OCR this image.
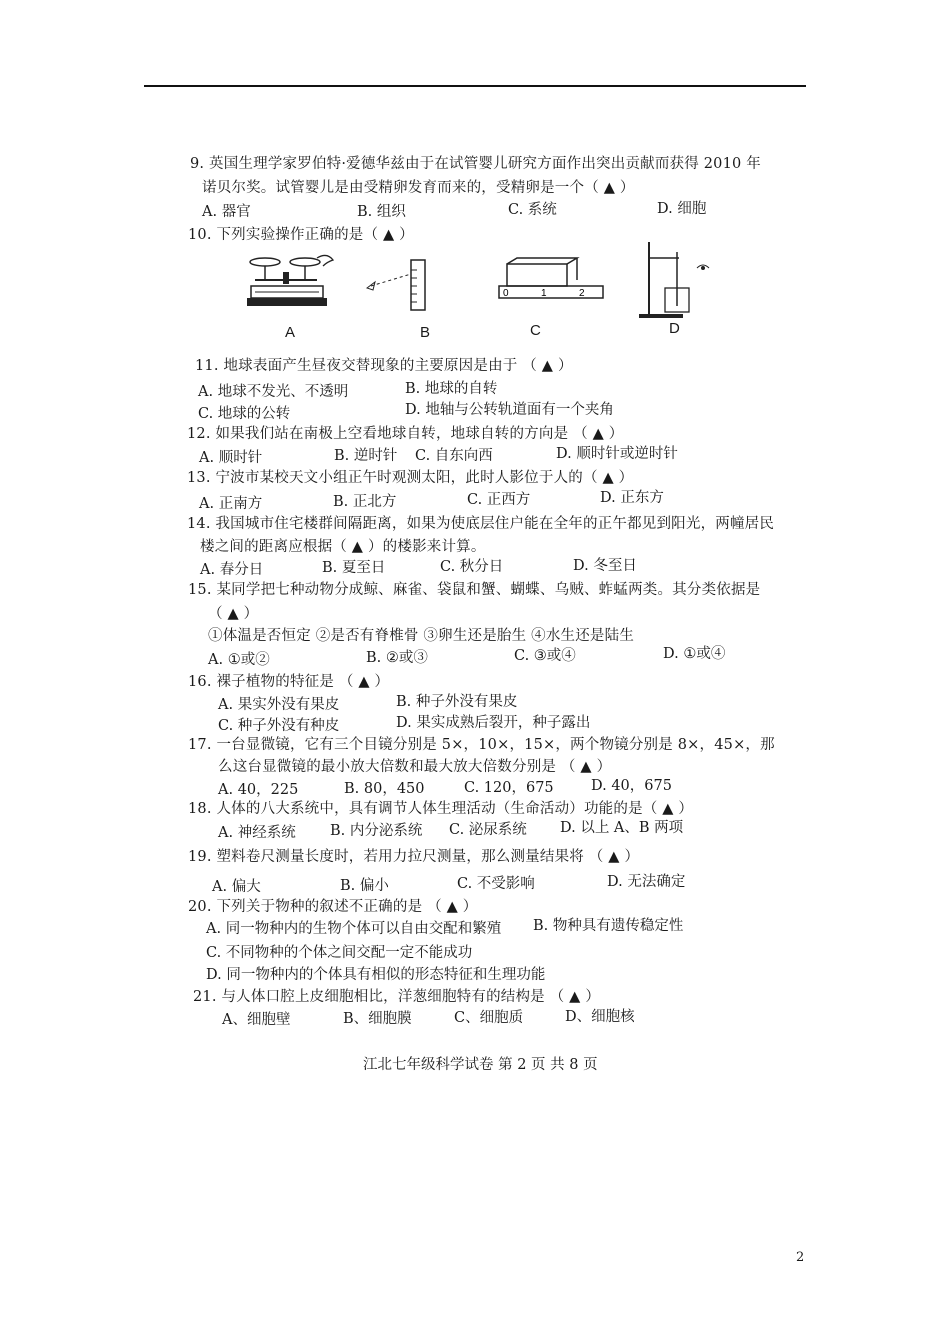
9. 英国生理学家罗伯特·爱德华兹由于在试管婴儿研究方面作出突出贡献而获得 2010 年
诺贝尔奖。试管婴儿是由受精卵发育而来的，受精卵是一个（ ▲ ）
A. 器官	B. 组织	C. 系统	D. 细胞
10. 下列实验操作正确的是（ ▲ ）
0	1	2
A	B	C	D
11. 地球表面产生昼夜交替现象的主要原因是由于 （ ▲ ）
A. 地球不发光、不透明	B. 地球的自转
C. 地球的公转	D. 地轴与公转轨道面有一个夹角
12. 如果我们站在南极上空看地球自转，地球自转的方向是 （ ▲ ）
A. 顺时针	B. 逆时针 C. 自东向西	D. 顺时针或逆时针
13. 宁波市某校天文小组正午时观测太阳，此时人影位于人的（ ▲ ）
A. 正南方	B. 正北方	C. 正西方	D. 正东方
14. 我国城市住宅楼群间隔距离，如果为使底层住户能在全年的正午都见到阳光，两幢居民
楼之间的距离应根据（ ▲ ）的楼影来计算。
A. 春分日	B. 夏至日	C. 秋分日	D. 冬至日
15. 某同学把七种动物分成鲸、麻雀、袋鼠和蟹、蝴蝶、乌贼、蚱蜢两类。其分类依据是
（ ▲ ）
①体温是否恒定 ②是否有脊椎骨 ③卵生还是胎生 ④水生还是陆生
A. ①或②	B. ②或③	C. ③或④	D. ①或④
16. 裸子植物的特征是 （ ▲ ）
A. 果实外没有果皮	B. 种子外没有果皮
C. 种子外没有种皮	D. 果实成熟后裂开，种子露出
17. 一台显微镜，它有三个目镜分别是 5×，10×，15×，两个物镜分别是 8×，45×，那
么这台显微镜的最小放大倍数和最大放大倍数分别是 （ ▲ ）
A. 40，225	B. 80，450	C. 120，675	D. 40，675
18. 人体的八大系统中，具有调节人体生理活动（生命活动）功能的是（ ▲ ）
A. 神经系统 B. 内分泌系统 C. 泌尿系统 D. 以上 A、B 两项
19. 塑料卷尺测量长度时，若用力拉尺测量，那么测量结果将 （ ▲ ）
A. 偏大	B. 偏小	C. 不受影响	D. 无法确定
20. 下列关于物种的叙述不正确的是 （ ▲ ）
A. 同一物种内的生物个体可以自由交配和繁殖 B. 物种具有遗传稳定性
C. 不同物种的个体之间交配一定不能成功
D. 同一物种内的个体具有相似的形态特征和生理功能
21. 与人体口腔上皮细胞相比，洋葱细胞特有的结构是 （ ▲ ）
A、细胞壁	B、细胞膜	C、细胞质	D、细胞核
江北七年级科学试卷 第 2 页 共 8 页
2
